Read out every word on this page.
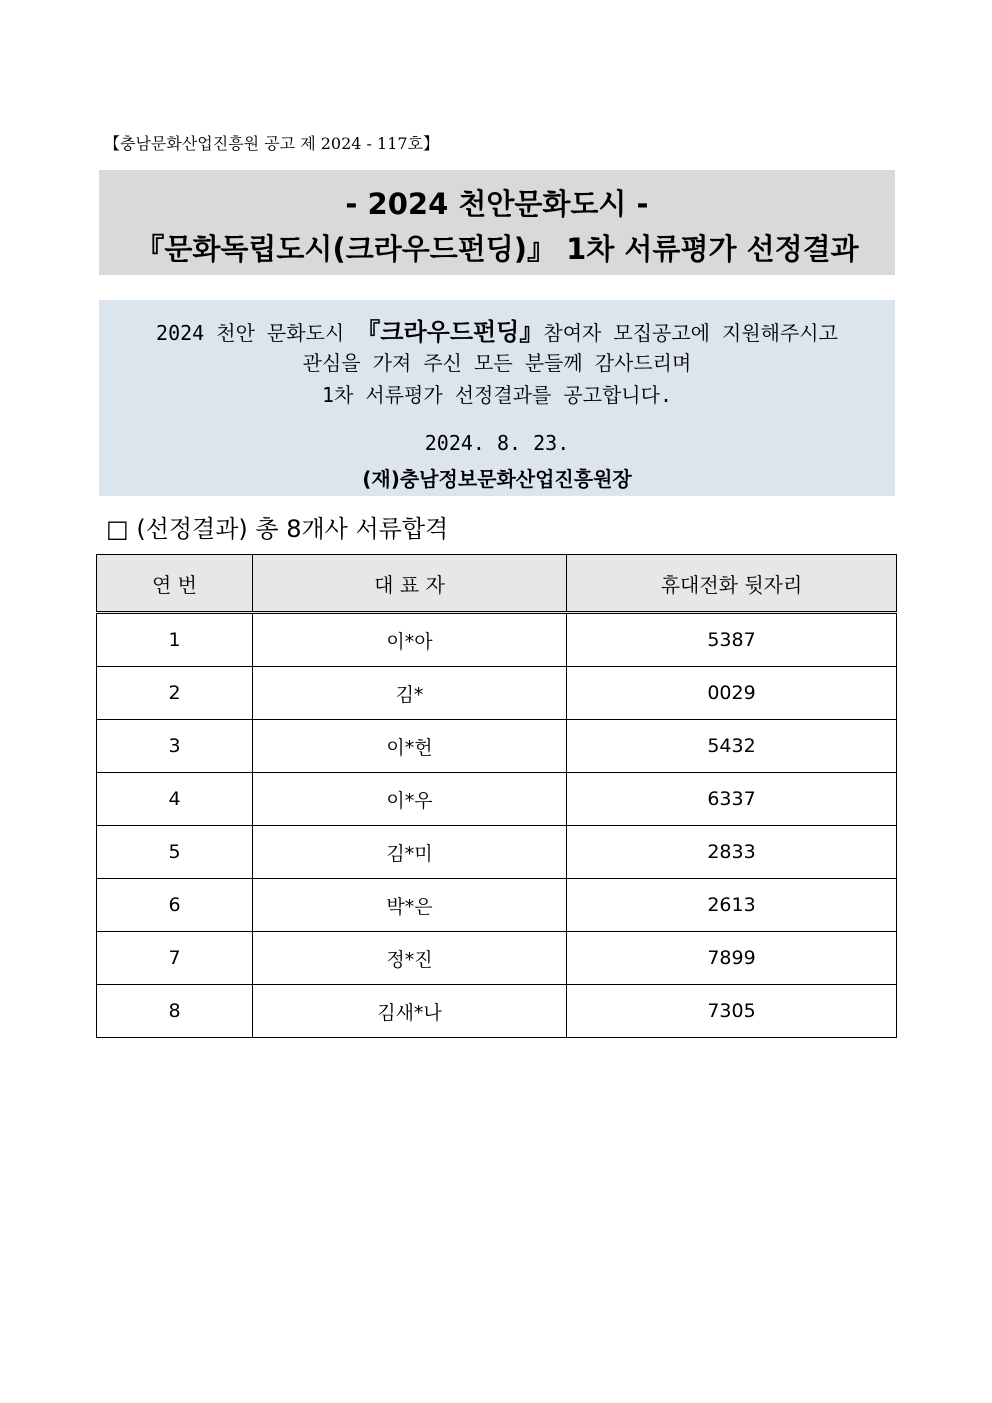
【충남문화산업진흥원 공고 제 2024 - 117호】
- 2024 천안문화도시 -
『문화독립도시(크라우드펀딩)』 1차 서류평가 선정결과
2024 천안 문화도시 『크라우드펀딩』참여자 모집공고에 지원해주시고
관심을 가져 주신 모든 분들께 감사드리며
1차 서류평가 선정결과를 공고합니다.
2024. 8. 23.
(재)충남정보문화산업진흥원장
□ (선정결과) 총 8개사 서류합격
연 번	대 표 자	휴대전화 뒷자리
1	이*아	5387
2	김*	0029
3	이*헌	5432
4	이*우	6337
5	김*미	2833
6	박*은	2613
7	정*진	7899
8	김새*나	7305
